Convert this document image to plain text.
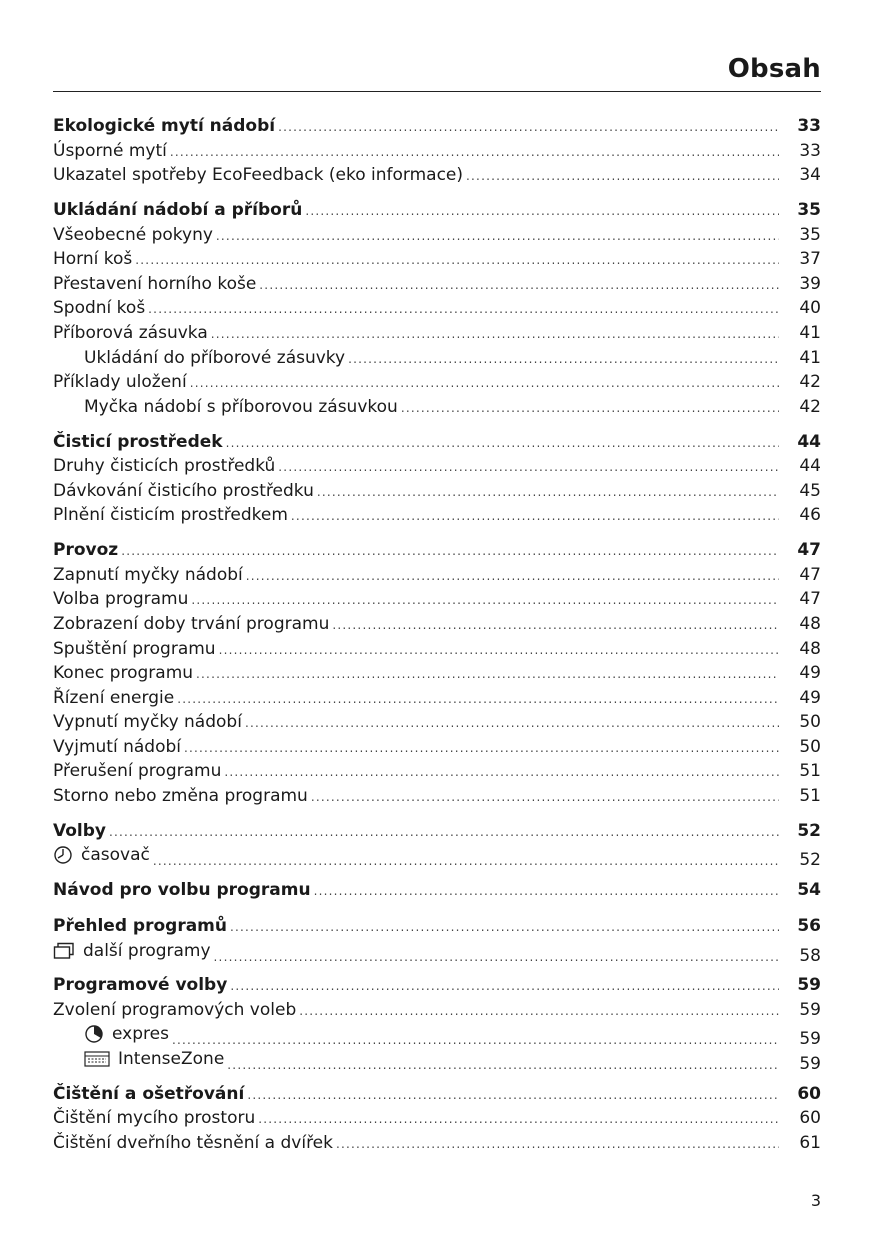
Obsah
Ekologické mytí nádobí .....	33
Úsporné mytí .....	33
Ukazatel spotřeby EcoFeedback (eko informace) .....	34
Ukládání nádobí a příborů .....	35
Všeobecné pokyny .....	35
Horní koš .....	37
Přestavení horního koše .....	39
Spodní koš .....	40
Příborová zásuvka .....	41
Ukládání do příborové zásuvky .....	41
Příklady uložení .....	42
Myčka nádobí s příborovou zásuvkou .....	42
Čisticí prostředek .....	44
Druhy čisticích prostředků .....	44
Dávkování čisticího prostředku .....	45
Plnění čisticím prostředkem .....	46
Provoz .....	47
Zapnutí myčky nádobí .....	47
Volba programu .....	47
Zobrazení doby trvání programu .....	48
Spuštění programu .....	48
Konec programu .....	49
Řízení energie .....	49
Vypnutí myčky nádobí .....	50
Vyjmutí nádobí .....	50
Přerušení programu .....	51
Storno nebo změna programu .....	51
Volby .....	52
časovač .....	52
Návod pro volbu programu .....	54
Přehled programů .....	56
další programy .....	58
Programové volby .....	59
Zvolení programových voleb .....	59
expres .....	59
IntenseZone .....	59
Čištění a ošetřování .....	60
Čištění mycího prostoru .....	60
Čištění dveřního těsnění a dvířek .....	61
3
